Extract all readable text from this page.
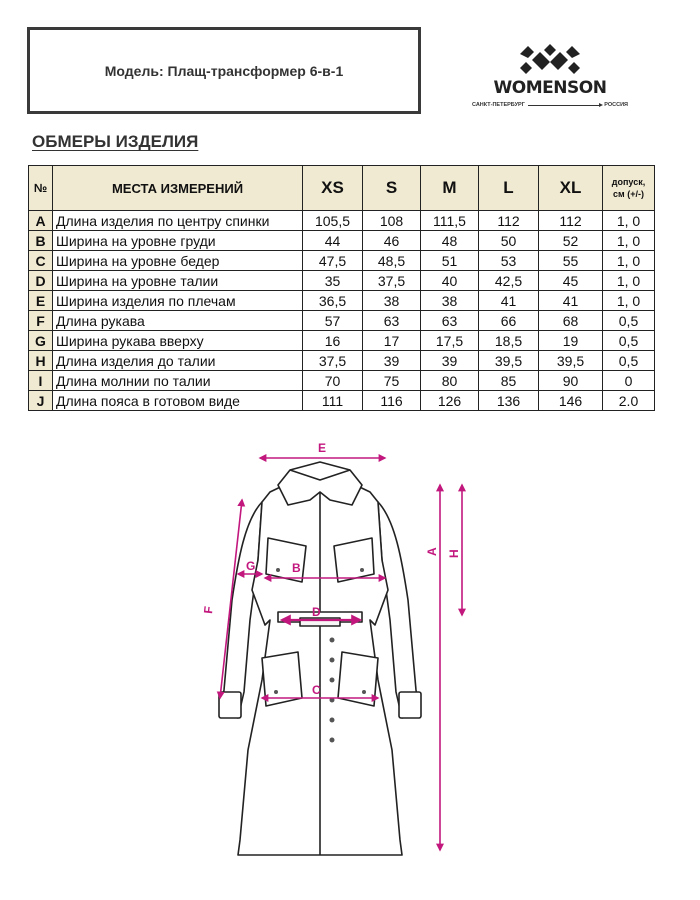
Модель: Плащ-трансформер 6-в-1
WOMENSON
САНКТ-ПЕТЕРБУРГ	РОССИЯ
ОБМЕРЫ ИЗДЕЛИЯ
№	МЕСТА ИЗМЕРЕНИЙ	XS	S	M	L	XL	допуск, см (+/-)
A	Длина изделия по центру спинки	105,5	108	111,5	112	112	1, 0
B	Ширина на уровне груди	44	46	48	50	52	1, 0
C	Ширина на уровне бедер	47,5	48,5	51	53	55	1, 0
D	Ширина на уровне талии	35	37,5	40	42,5	45	1, 0
E	Ширина изделия по плечам	36,5	38	38	41	41	1, 0
F	Длина рукава	57	63	63	66	68	0,5
G	Ширина рукава вверху	16	17	17,5	18,5	19	0,5
H	Длина изделия до талии	37,5	39	39	39,5	39,5	0,5
I	Длина молнии по талии	70	75	80	85	90	0
J	Длина пояса в готовом виде	111	116	126	136	146	2.0
E
B
G
D
C
F
A H
